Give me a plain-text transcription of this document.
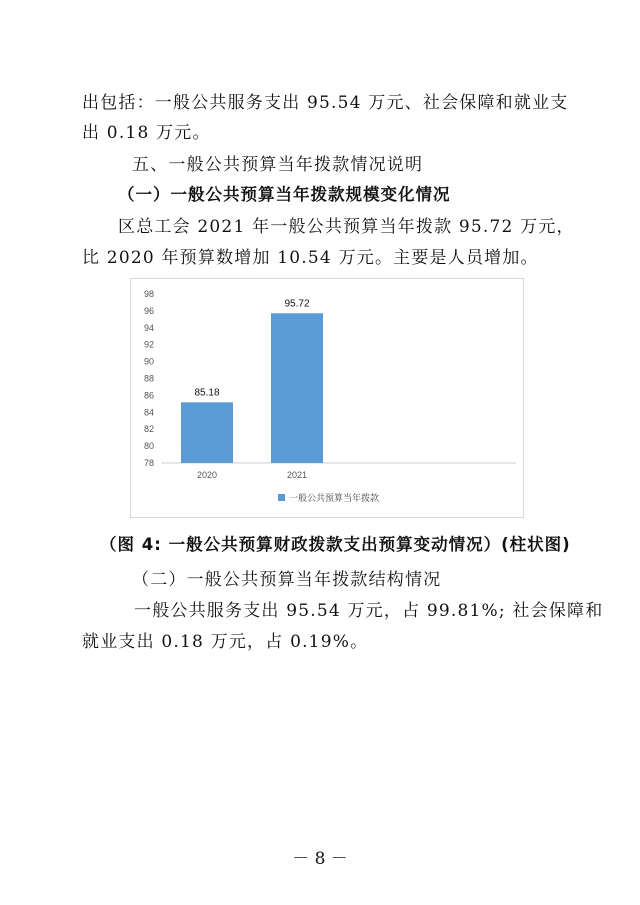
出包括：一般公共服务支出 95.54 万元、社会保障和就业支
出 0.18 万元。
五、一般公共预算当年拨款情况说明
（一）一般公共预算当年拨款规模变化情况
区总工会 2021 年一般公共预算当年拨款 95.72 万元，
比 2020 年预算数增加 10.54 万元。主要是人员增加。
78
80
82
84
86
88
90
92
94
96
98
85.18
2020
95.72
2021
一般公共预算当年拨款
（图 4: 一般公共预算财政拨款支出预算变动情况）(柱状图)
（二）一般公共预算当年拨款结构情况
一般公共服务支出 95.54 万元，占 99.81%; 社会保障和
就业支出 0.18 万元，占 0.19%。
－ 8 －
